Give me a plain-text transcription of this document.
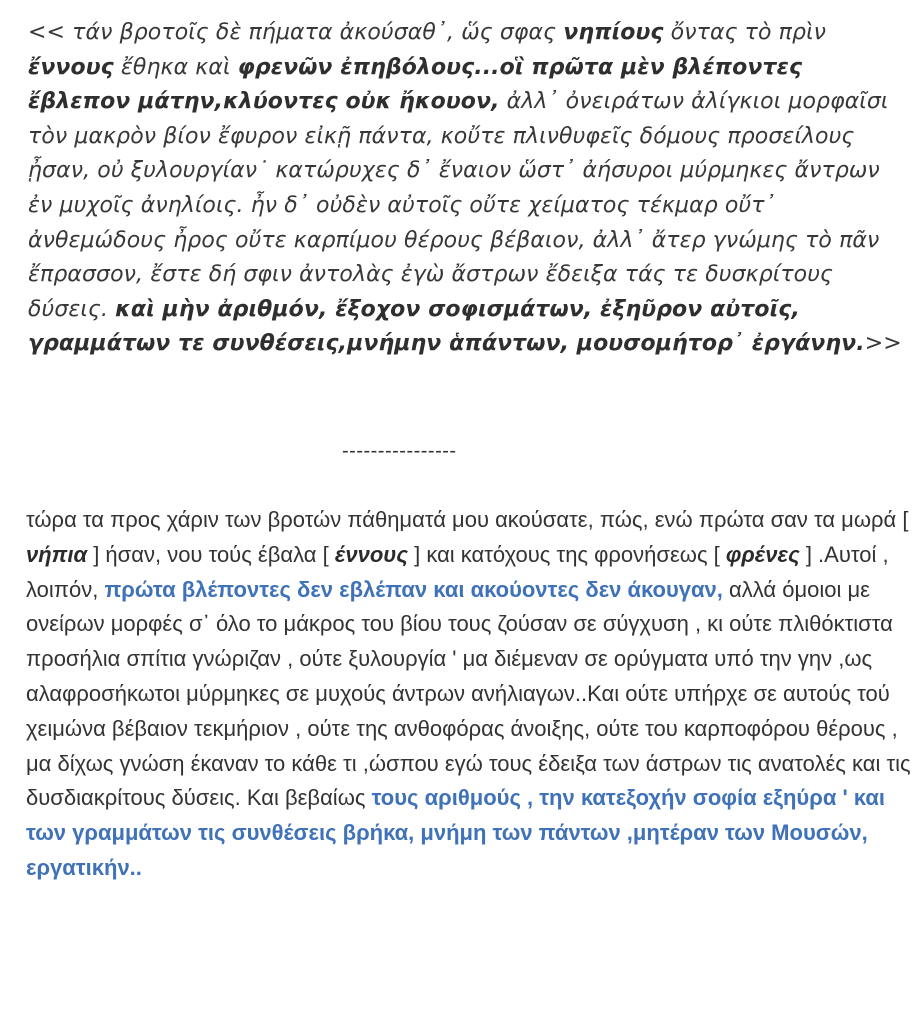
<< τάν βροτοῖς δὲ πήματα ἀκούσαθ᾽, ὥς σφας νηπίους ὄντας τὸ πρὶν ἔννους ἔθηκα καὶ φρενῶν ἐπηβόλους...οἳ πρῶτα μὲν βλέποντες ἔβλεπον μάτην,κλύοντες οὐκ ἤκουον, ἀλλ᾽ ὀνειράτων ἀλίγκιοι μορφαῖσι τὸν μακρὸν βίον ἔφυρον εἰκῇ πάντα, κοὔτε πλινθυφεῖς δόμους προσείλους ᾖσαν, οὐ ξυλουργίαν˙ κατώρυχες δ᾽ ἔναιον ὥστ᾽ ἀήσυροι μύρμηκες ἄντρων ἐν μυχοῖς ἀνηλίοις. ἦν δ᾽ οὐδὲν αὐτοῖς οὔτε χείματος τέκμαρ οὔτ᾽ ἀνθεμώδους ἦρος οὔτε καρπίμου θέρους βέβαιον, ἀλλ᾽ ἄτερ γνώμης τὸ πᾶν ἔπρασσον, ἔστε δή σφιν ἀντολὰς ἐγὼ ἄστρων ἔδειξα τάς τε δυσκρίτους δύσεις. καὶ μὴν ἀριθμόν, ἔξοχον σοφισμάτων, ἐξηῦρον αὐτοῖς, γραμμάτων τε συνθέσεις,μνήμην ἁπάντων, μουσομήτορ᾽ ἐργάνην.>>
----------------
τώρα τα προς χάριν των βροτών πάθηματά μου ακούσατε, πώς, ενώ πρώτα σαν τα μωρά [ νήπια ] ήσαν, νου τούς έβαλα [ έννους ] και κατόχους της φρονήσεως [ φρένες ] .Αυτοί , λοιπόν, πρώτα βλέποντες δεν εβλέπαν και ακούοντες δεν άκουγαν, αλλά όμοιοι με ονείρων μορφές σ᾽ όλο το μάκρος του βίου τους ζούσαν σε σύγχυση , κι ούτε πλιθόκτιστα προσήλια σπίτια γνώριζαν , ούτε ξυλουργία ' μα διέμεναν σε ορύγματα υπό την γην ,ως αλαφροσήκωτοι μύρμηκες σε μυχούς άντρων ανήλιαγων..Και ούτε υπήρχε σε αυτούς τού χειμώνα βέβαιον τεκμήριον , ούτε της ανθοφόρας άνοιξης, ούτε του καρποφόρου θέρους , μα δίχως γνώση έκαναν το κάθε τι ,ώσπου εγώ τους έδειξα των άστρων τις ανατολές και τις δυσδιακρίτους δύσεις. Και βεβαίως τους αριθμούς , την κατεξοχήν σοφία εξηύρα ' και των γραμμάτων τις συνθέσεις βρήκα, μνήμη των πάντων ,μητέραν των Μουσών, εργατικήν..
